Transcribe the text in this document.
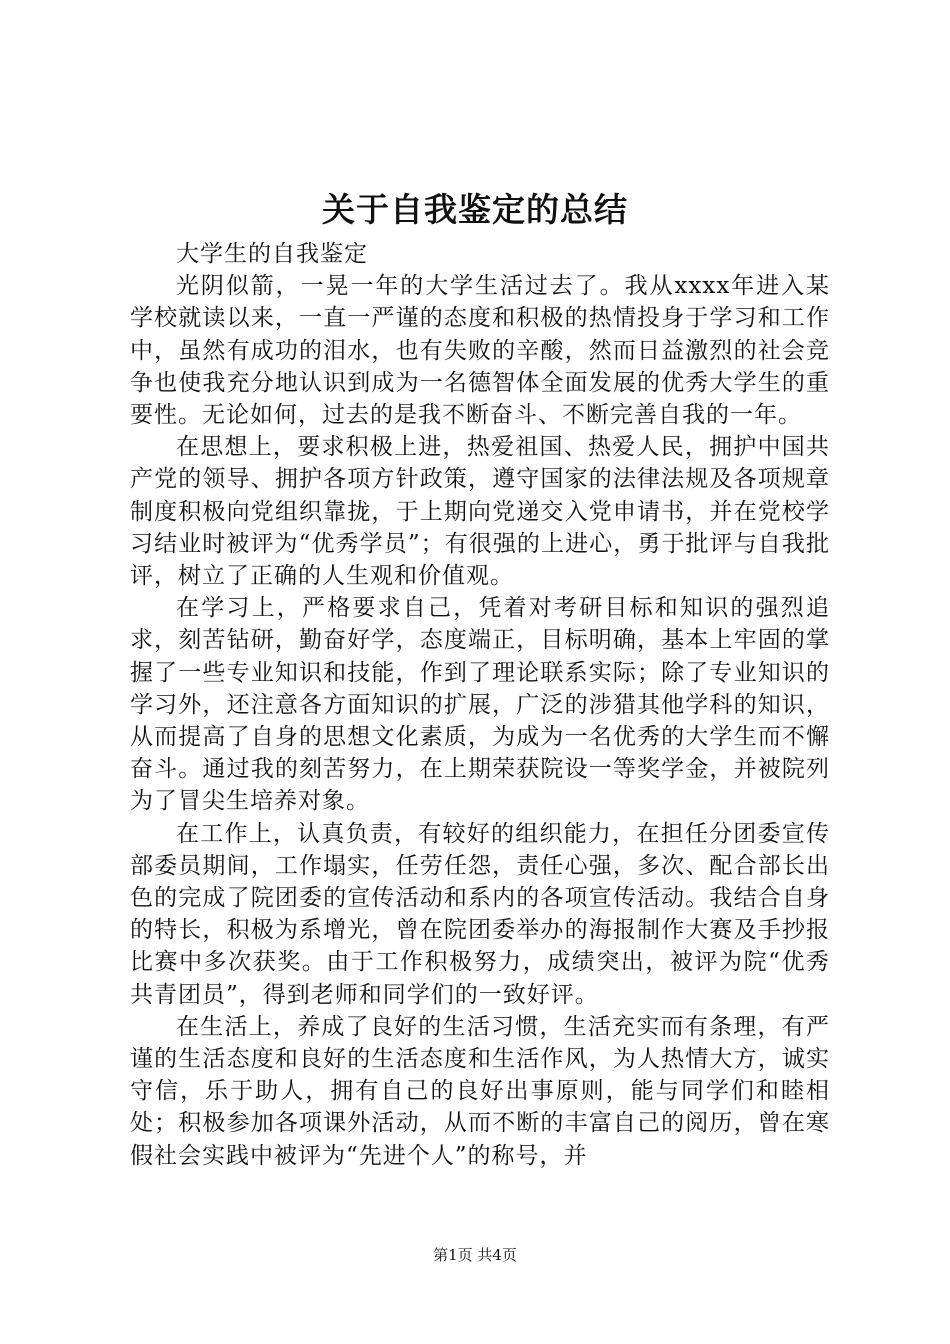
关于自我鉴定的总结

大学生的自我鉴定

光阴似箭，一晃一年的大学生活过去了。我从xxxx年进入某学校就读以来，一直一严谨的态度和积极的热情投身于学习和工作中，虽然有成功的泪水，也有失败的辛酸，然而日益激烈的社会竞争也使我充分地认识到成为一名德智体全面发展的优秀大学生的重要性。无论如何，过去的是我不断奋斗、不断完善自我的一年。

在思想上，要求积极上进，热爱祖国、热爱人民，拥护中国共产党的领导、拥护各项方针政策，遵守国家的法律法规及各项规章制度积极向党组织靠拢，于上期向党递交入党申请书，并在党校学习结业时被评为“优秀学员”；有很强的上进心，勇于批评与自我批评，树立了正确的人生观和价值观。

在学习上，严格要求自己，凭着对考研目标和知识的强烈追求，刻苦钻研，勤奋好学，态度端正，目标明确，基本上牢固的掌握了一些专业知识和技能，作到了理论联系实际；除了专业知识的学习外，还注意各方面知识的扩展，广泛的涉猎其他学科的知识，从而提高了自身的思想文化素质，为成为一名优秀的大学生而不懈奋斗。通过我的刻苦努力，在上期荣获院设一等奖学金，并被院列为了冒尖生培养对象。

在工作上，认真负责，有较好的组织能力，在担任分团委宣传部委员期间，工作塌实，任劳任怨，责任心强，多次、配合部长出色的完成了院团委的宣传活动和系内的各项宣传活动。我结合自身的特长，积极为系增光，曾在院团委举办的海报制作大赛及手抄报比赛中多次获奖。由于工作积极努力，成绩突出，被评为院“优秀共青团员”，得到老师和同学们的一致好评。

在生活上，养成了良好的生活习惯，生活充实而有条理，有严谨的生活态度和良好的生活态度和生活作风，为人热情大方，诚实守信，乐于助人，拥有自己的良好出事原则，能与同学们和睦相处；积极参加各项课外活动，从而不断的丰富自己的阅历，曾在寒假社会实践中被评为“先进个人”的称号，并

第1页 共4页
